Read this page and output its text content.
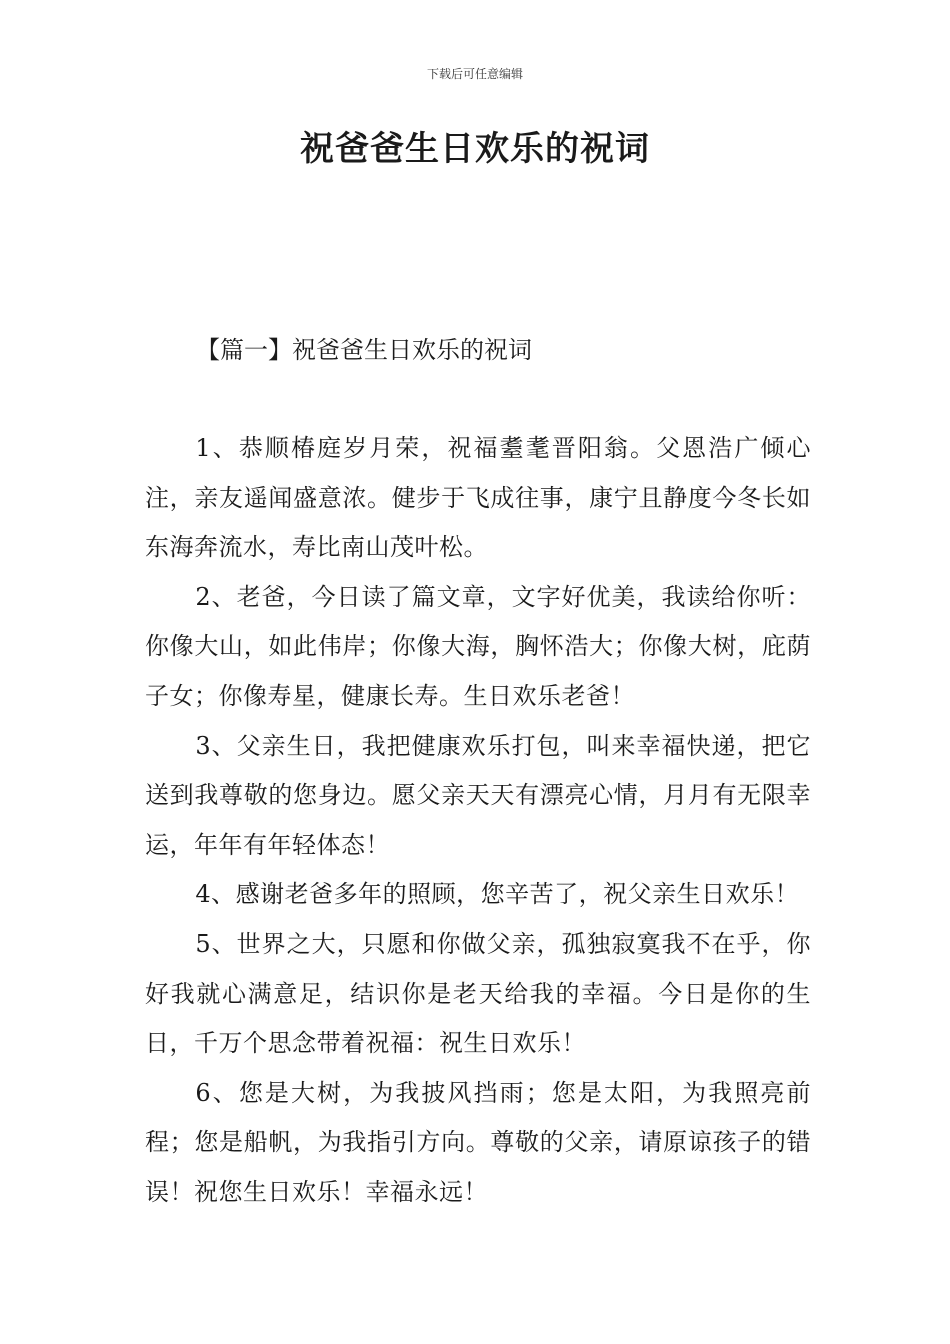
下载后可任意编辑
祝爸爸生日欢乐的祝词
【篇一】祝爸爸生日欢乐的祝词

1、恭顺椿庭岁月荣，祝福耋耄晋阳翁。父恩浩广倾心注，亲友遥闻盛意浓。健步于飞成往事，康宁且静度今冬长如东海奔流水，寿比南山茂叶松。

2、老爸，今日读了篇文章，文字好优美，我读给你听：你像大山，如此伟岸；你像大海，胸怀浩大；你像大树，庇荫子女；你像寿星，健康长寿。生日欢乐老爸！

3、父亲生日，我把健康欢乐打包，叫来幸福快递，把它送到我尊敬的您身边。愿父亲天天有漂亮心情，月月有无限幸运，年年有年轻体态！

4、感谢老爸多年的照顾，您辛苦了，祝父亲生日欢乐！

5、世界之大，只愿和你做父亲，孤独寂寞我不在乎，你好我就心满意足，结识你是老天给我的幸福。今日是你的生日，千万个思念带着祝福：祝生日欢乐！

6、您是大树，为我披风挡雨；您是太阳，为我照亮前程；您是船帆，为我指引方向。尊敬的父亲，请原谅孩子的错误！祝您生日欢乐！幸福永远！
